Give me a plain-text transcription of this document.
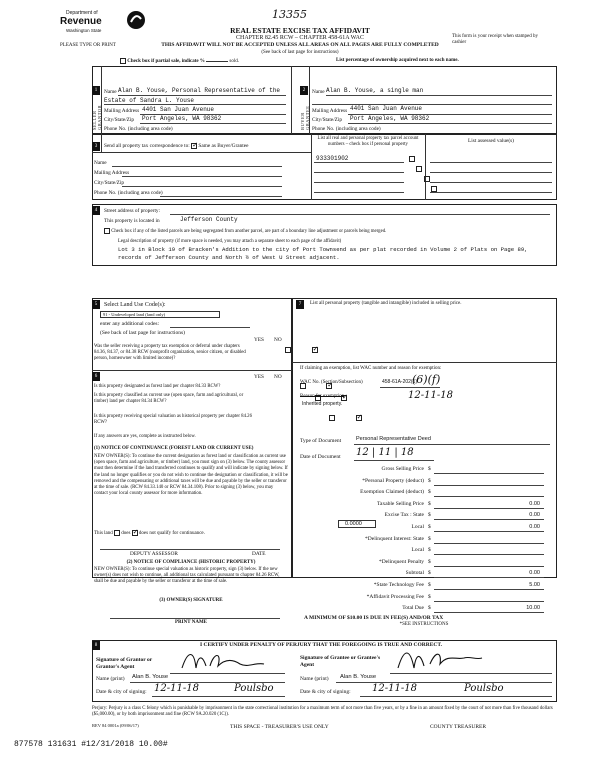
Department of
Revenue
Washington State
13355
REAL ESTATE EXCISE TAX AFFIDAVIT
CHAPTER 82.45 RCW – CHAPTER 458-61A WAC
THIS AFFIDAVIT WILL NOT BE ACCEPTED UNLESS ALL AREAS ON ALL PAGES ARE FULLY COMPLETED
(See back of last page for instructions)
PLEASE TYPE OR PRINT
This form is your receipt when stamped by cashier
Check box if partial sale, indicate %	sold.	List percentage of ownership acquired next to each name.
1
SELLER GRANTOR
Name Alan B. Youse, Personal Representative of the
Estate of Sandra L. Youse
Mailing Address 4401 San Juan Avenue
City/State/Zip Port Angeles, WA 98362
Phone No. (including area code)
2
BUYER GRANTEE
Name Alan B. Youse, a single man
Mailing Address 4401 San Juan Avenue
City/State/Zip Port Angeles, WA 98362
Phone No. (including area code)
3	Send all property tax correspondence to: ✓ Same as Buyer/Grantee
Name
Mailing Address
City/State/Zip
Phone No. (including area code)
List all real and personal property tax parcel account numbers – check box if personal property
List assessed value(s)
933301902

4	Street address of property:
This property is located in	Jefferson County
Check box if any of the listed parcels are being segregated from another parcel, are part of a boundary line adjustment or parcels being merged.
Legal description of property (if more space is needed, you may attach a separate sheet to each page of the affidavit)
Lot 3 in Block 19 of Bracken's Addition to the city of Port Townsend as per plat recorded in Volume 2 of Plats on Page 89,
records of Jefferson County and North ½ of West U Street adjacent.
5	Select Land Use Code(s):
91 - Undeveloped land (land only)
enter any additional codes:
(See back of last page for instructions)
YES NO
Was the seller receiving a property tax exemption or deferral under chapters 84.36, 84.37, or 84.38 RCW (nonprofit organization, senior citizen, or disabled person, homeowner with limited income)?
✓
6	YES NO
Is this property designated as forest land per chapter 84.33 RCW?
✓
Is this property classified as current use (open space, farm and agricultural, or timber) land per chapter 84.34 RCW?
✓
Is this property receiving special valuation as historical property per chapter 84.26 RCW?
✓
If any answers are yes, complete as instructed below.
(1) NOTICE OF CONTINUANCE (FOREST LAND OR CURRENT USE)
NEW OWNER(S): To continue the current designation as forest land or classification as current use (open space, farm and agriculture, or timber) land, you must sign on (3) below. The county assessor must then determine if the land transferred continues to qualify and will indicate by signing below. If the land no longer qualifies or you do not wish to continue the designation or classification, it will be removed and the compensating or additional taxes will be due and payable by the seller or transferor at the time of sale. (RCW 84.33.140 or RCW 84.34.108). Prior to signing (3) below, you may contact your local county assessor for more information.
This land does ✓ does not qualify for continuance.
DEPUTY ASSESSOR	DATE
(2) NOTICE OF COMPLIANCE (HISTORIC PROPERTY)
NEW OWNER(S): To continue special valuation as historic property, sign (3) below. If the new owner(s) does not wish to continue, all additional tax calculated pursuant to chapter 84.26 RCW, shall be due and payable by the seller or transferor at the time of sale.
(3) OWNER(S) SIGNATURE
PRINT NAME
7	List all personal property (tangible and intangible) included in selling price.
If claiming an exemption, list WAC number and reason for exemption:
WAC No. (Section/Subsection)	458-61A-202(1)
(6)(f)
Reason for exemption
Inherited property.
12-11-18
Type of Document	Personal Representative Deed
Date of Document 12 | 11 | 18
Gross Selling Price $
*Personal Property (deduct) $
Exemption Claimed (deduct) $
Taxable Selling Price $	0.00
Excise Tax : State $	0.00
Local $	0.00
*Delinquent Interest: State $
Local $
*Delinquent Penalty $
Subtotal $	0.00
*State Technology Fee $	5.00
*Affidavit Processing Fee $
Total Due $	10.00
0.0000
A MINIMUM OF $10.00 IS DUE IN FEE(S) AND/OR TAX
*SEE INSTRUCTIONS
8	I CERTIFY UNDER PENALTY OF PERJURY THAT THE FOREGOING IS TRUE AND CORRECT.
Signature of Grantor or Grantor's Agent
Name (print) Alan B. Youse
Date & city of signing: 12-11-18	Poulsbo
Signature of Grantee or Grantee's Agent
Name (print) Alan B. Youse
Date & city of signing: 12-11-18	Poulsbo
Perjury: Perjury is a class C felony which is punishable by imprisonment in the state correctional institution for a maximum term of not more than five years, or by a fine in an amount fixed by the court of not more than five thousand dollars ($5,000.00), or by both imprisonment and fine (RCW 9A.20.020 (1C)).
REV 84 0001a (09/06/17)	THIS SPACE - TREASURER'S USE ONLY	COUNTY TREASURER
877578 131631 #12/31/2018 10.00#
